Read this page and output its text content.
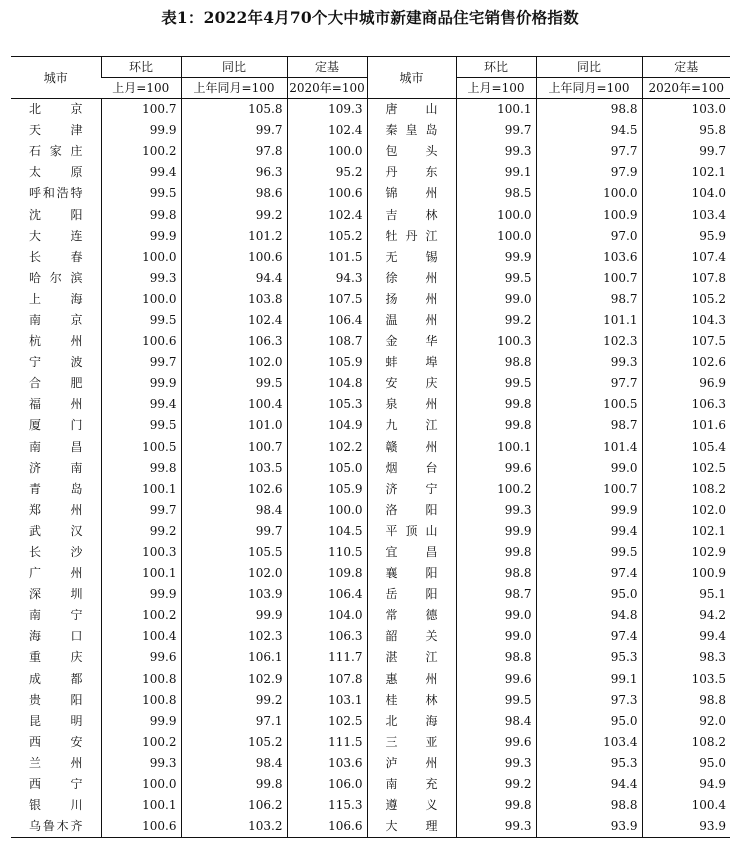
表1：2022年4月70个大中城市新建商品住宅销售价格指数
城市	环比	同比	定基	城市	环比	同比	定基
	上月=100	上年同月=100	2020年=100		上月=100	上年同月=100	2020年=100
北京	100.7	105.8	109.3	唐山	100.1	98.8	103.0
天津	99.9	99.7	102.4	秦皇岛	99.7	94.5	95.8
石家庄	100.2	97.8	100.0	包头	99.3	97.7	99.7
太原	99.4	96.3	95.2	丹东	99.1	97.9	102.1
呼和浩特	99.5	98.6	100.6	锦州	98.5	100.0	104.0
沈阳	99.8	99.2	102.4	吉林	100.0	100.9	103.4
大连	99.9	101.2	105.2	牡丹江	100.0	97.0	95.9
长春	100.0	100.6	101.5	无锡	99.9	103.6	107.4
哈尔滨	99.3	94.4	94.3	徐州	99.5	100.7	107.8
上海	100.0	103.8	107.5	扬州	99.0	98.7	105.2
南京	99.5	102.4	106.4	温州	99.2	101.1	104.3
杭州	100.6	106.3	108.7	金华	100.3	102.3	107.5
宁波	99.7	102.0	105.9	蚌埠	98.8	99.3	102.6
合肥	99.9	99.5	104.8	安庆	99.5	97.7	96.9
福州	99.4	100.4	105.3	泉州	99.8	100.5	106.3
厦门	99.5	101.0	104.9	九江	99.8	98.7	101.6
南昌	100.5	100.7	102.2	赣州	100.1	101.4	105.4
济南	99.8	103.5	105.0	烟台	99.6	99.0	102.5
青岛	100.1	102.6	105.9	济宁	100.2	100.7	108.2
郑州	99.7	98.4	100.0	洛阳	99.3	99.9	102.0
武汉	99.2	99.7	104.5	平顶山	99.9	99.4	102.1
长沙	100.3	105.5	110.5	宜昌	99.8	99.5	102.9
广州	100.1	102.0	109.8	襄阳	98.8	97.4	100.9
深圳	99.9	103.9	106.4	岳阳	98.7	95.0	95.1
南宁	100.2	99.9	104.0	常德	99.0	94.8	94.2
海口	100.4	102.3	106.3	韶关	99.0	97.4	99.4
重庆	99.6	106.1	111.7	湛江	98.8	95.3	98.3
成都	100.8	102.9	107.8	惠州	99.6	99.1	103.5
贵阳	100.8	99.2	103.1	桂林	99.5	97.3	98.8
昆明	99.9	97.1	102.5	北海	98.4	95.0	92.0
西安	100.2	105.2	111.5	三亚	99.6	103.4	108.2
兰州	99.3	98.4	103.6	泸州	99.3	95.3	95.0
西宁	100.0	99.8	106.0	南充	99.2	94.4	94.9
银川	100.1	106.2	115.3	遵义	99.8	98.8	100.4
乌鲁木齐	100.6	103.2	106.6	大理	99.3	93.9	93.9
